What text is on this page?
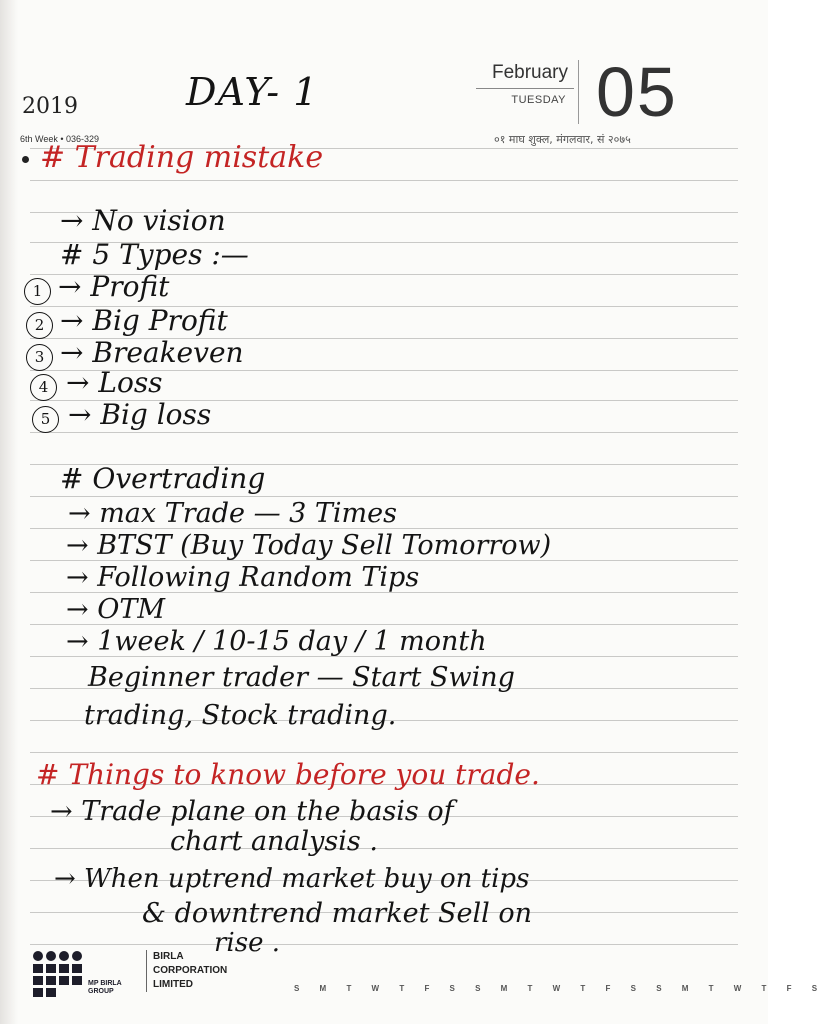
2019
6th Week • 036-329
February
TUESDAY 05
०१ माघ शुक्ल, मंगलवार, सं २०७५
DAY- 1
# Trading mistake
→ No vision
# 5 Types :—
1 → Profit
2 → Big Profit
3 → Breakeven
4 → Loss
5 → Big loss
# Overtrading
→ max Trade — 3 Times
→ BTST (Buy Today Sell Tomorrow)
→ Following Random Tips
→ OTM
→ 1week / 10-15 day / 1 month
Beginner trader — Start Swing
trading, Stock trading.
# Things to know before you trade.
→ Trade plane on the basis of
chart analysis .
→ When uptrend market buy on tips
& downtrend market Sell on
rise .
MP BIRLA GROUP
BIRLA
CORPORATION
LIMITED	S M T W T F S S M T W T F S S M T W T F S
